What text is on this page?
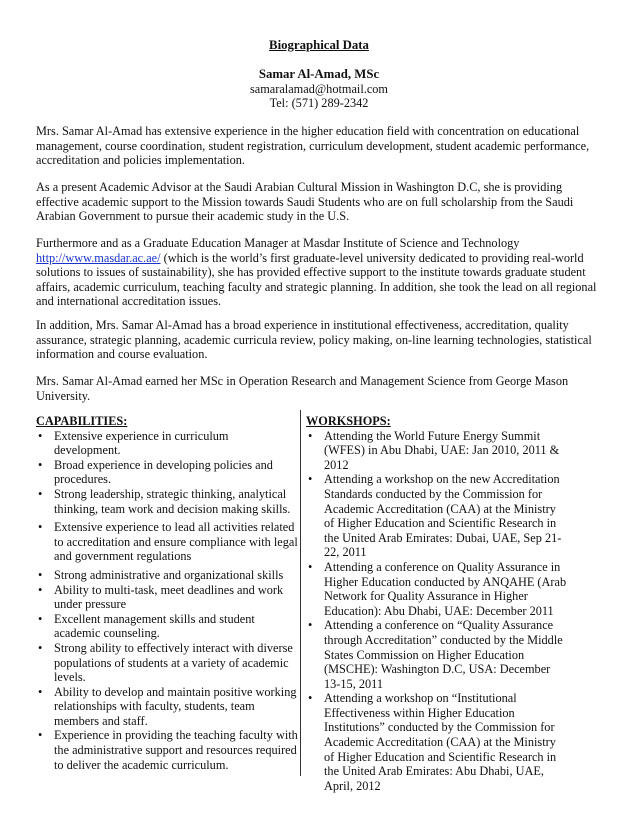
Biographical Data
Samar Al-Amad, MSc
samaralamad@hotmail.com
Tel: (571) 289-2342

Mrs. Samar Al-Amad has extensive experience in the higher education field with concentration on educational management, course coordination, student registration, curriculum development, student academic performance, accreditation and policies implementation.

As a present Academic Advisor at the Saudi Arabian Cultural Mission in Washington D.C, she is providing effective academic support to the Mission towards Saudi Students who are on full scholarship from the Saudi Arabian Government to pursue their academic study in the U.S.

Furthermore and as a Graduate Education Manager at Masdar Institute of Science and Technology http://www.masdar.ac.ae/ (which is the world’s first graduate-level university dedicated to providing real-world solutions to issues of sustainability), she has provided effective support to the institute towards graduate student affairs, academic curriculum, teaching faculty and strategic planning. In addition, she took the lead on all regional and international accreditation issues.

In addition, Mrs. Samar Al-Amad has a broad experience in institutional effectiveness, accreditation, quality assurance, strategic planning, academic curricula review, policy making, on-line learning technologies, statistical information and course evaluation.

Mrs. Samar Al-Amad earned her MSc in Operation Research and Management Science from George Mason University.

CAPABILITIES:
• Extensive experience in curriculum development.
• Broad experience in developing policies and procedures.
• Strong leadership, strategic thinking, analytical thinking, team work and decision making skills.
• Extensive experience to lead all activities related to accreditation and ensure compliance with legal and government regulations
• Strong administrative and organizational skills
• Ability to multi-task, meet deadlines and work under pressure
• Excellent management skills and student academic counseling.
• Strong ability to effectively interact with diverse populations of students at a variety of academic levels.
• Ability to develop and maintain positive working relationships with faculty, students, team members and staff.
• Experience in providing the teaching faculty with the administrative support and resources required to deliver the academic curriculum.
WORKSHOPS:
• Attending the World Future Energy Summit (WFES) in Abu Dhabi, UAE: Jan 2010, 2011 & 2012
• Attending a workshop on the new Accreditation Standards conducted by the Commission for Academic Accreditation (CAA) at the Ministry of Higher Education and Scientific Research in the United Arab Emirates: Dubai, UAE, Sep 21-22, 2011
• Attending a conference on Quality Assurance in Higher Education conducted by ANQAHE (Arab Network for Quality Assurance in Higher Education): Abu Dhabi, UAE: December 2011
• Attending a conference on “Quality Assurance through Accreditation” conducted by the Middle States Commission on Higher Education (MSCHE): Washington D.C, USA: December 13-15, 2011
• Attending a workshop on “Institutional Effectiveness within Higher Education Institutions” conducted by the Commission for Academic Accreditation (CAA) at the Ministry of Higher Education and Scientific Research in the United Arab Emirates: Abu Dhabi, UAE, April, 2012
